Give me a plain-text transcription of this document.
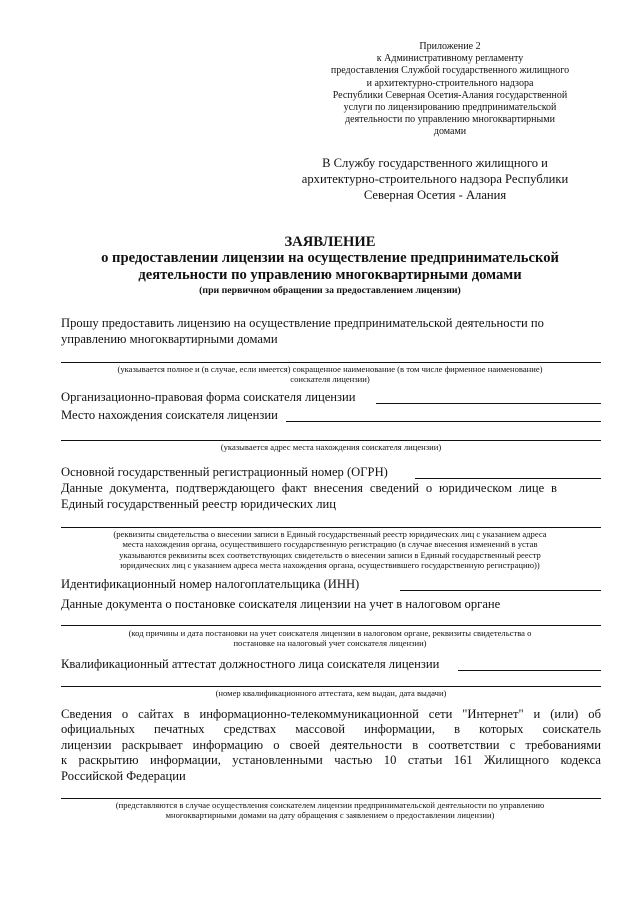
Приложение 2
к Административному регламенту
предоставления Службой государственного жилищного
и архитектурно-строительного надзора
Республики Северная Осетия-Алания государственной
услуги по лицензированию предпринимательской
деятельности по управлению многоквартирными
домами
В Службу государственного жилищного и
архитектурно-строительного надзора Республики
Северная Осетия - Алания
ЗАЯВЛЕНИЕ
о предоставлении лицензии на осуществление предпринимательской
деятельности по управлению многоквартирными домами
(при первичном обращении за предоставлением лицензии)
Прошу предоставить лицензию на осуществление предпринимательской деятельности по
управлению многоквартирными домами
(указывается полное и (в случае, если имеется) сокращенное наименование (в том числе фирменное наименование)
соискателя лицензии)
Организационно-правовая форма соискателя лицензии
Место нахождения соискателя лицензии
(указывается адрес места нахождения соискателя лицензии)
Основной государственный регистрационный номер (ОГРН)
Данные документа, подтверждающего факт внесения сведений о юридическом лице в
Единый государственный реестр юридических лиц
(реквизиты свидетельства о внесении записи в Единый государственный реестр юридических лиц с указанием адреса
места нахождения органа, осуществившего государственную регистрацию (в случае внесения изменений в устав
указываются реквизиты всех соответствующих свидетельств о внесении записи в Единый государственный реестр
юридических лиц с указанием адреса места нахождения органа, осуществившего государственную регистрацию))
Идентификационный номер налогоплательщика (ИНН)
Данные документа о постановке соискателя лицензии на учет в налоговом органе
(код причины и дата постановки на учет соискателя лицензии в налоговом органе, реквизиты свидетельства о
постановке на налоговый учет соискателя лицензии)
Квалификационный аттестат должностного лица соискателя лицензии
(номер квалификационного аттестата, кем выдан, дата выдачи)
Сведения о сайтах в информационно-телекоммуникационной сети "Интернет" и (или) об
официальных печатных средствах массовой информации, в которых соискатель
лицензии раскрывает информацию о своей деятельности в соответствии с требованиями
к раскрытию информации, установленными частью 10 статьи 161 Жилищного кодекса
Российской Федерации
(представляются в случае осуществления соискателем лицензии предпринимательской деятельности по управлению
многоквартирными домами на дату обращения с заявлением о предоставлении лицензии)
